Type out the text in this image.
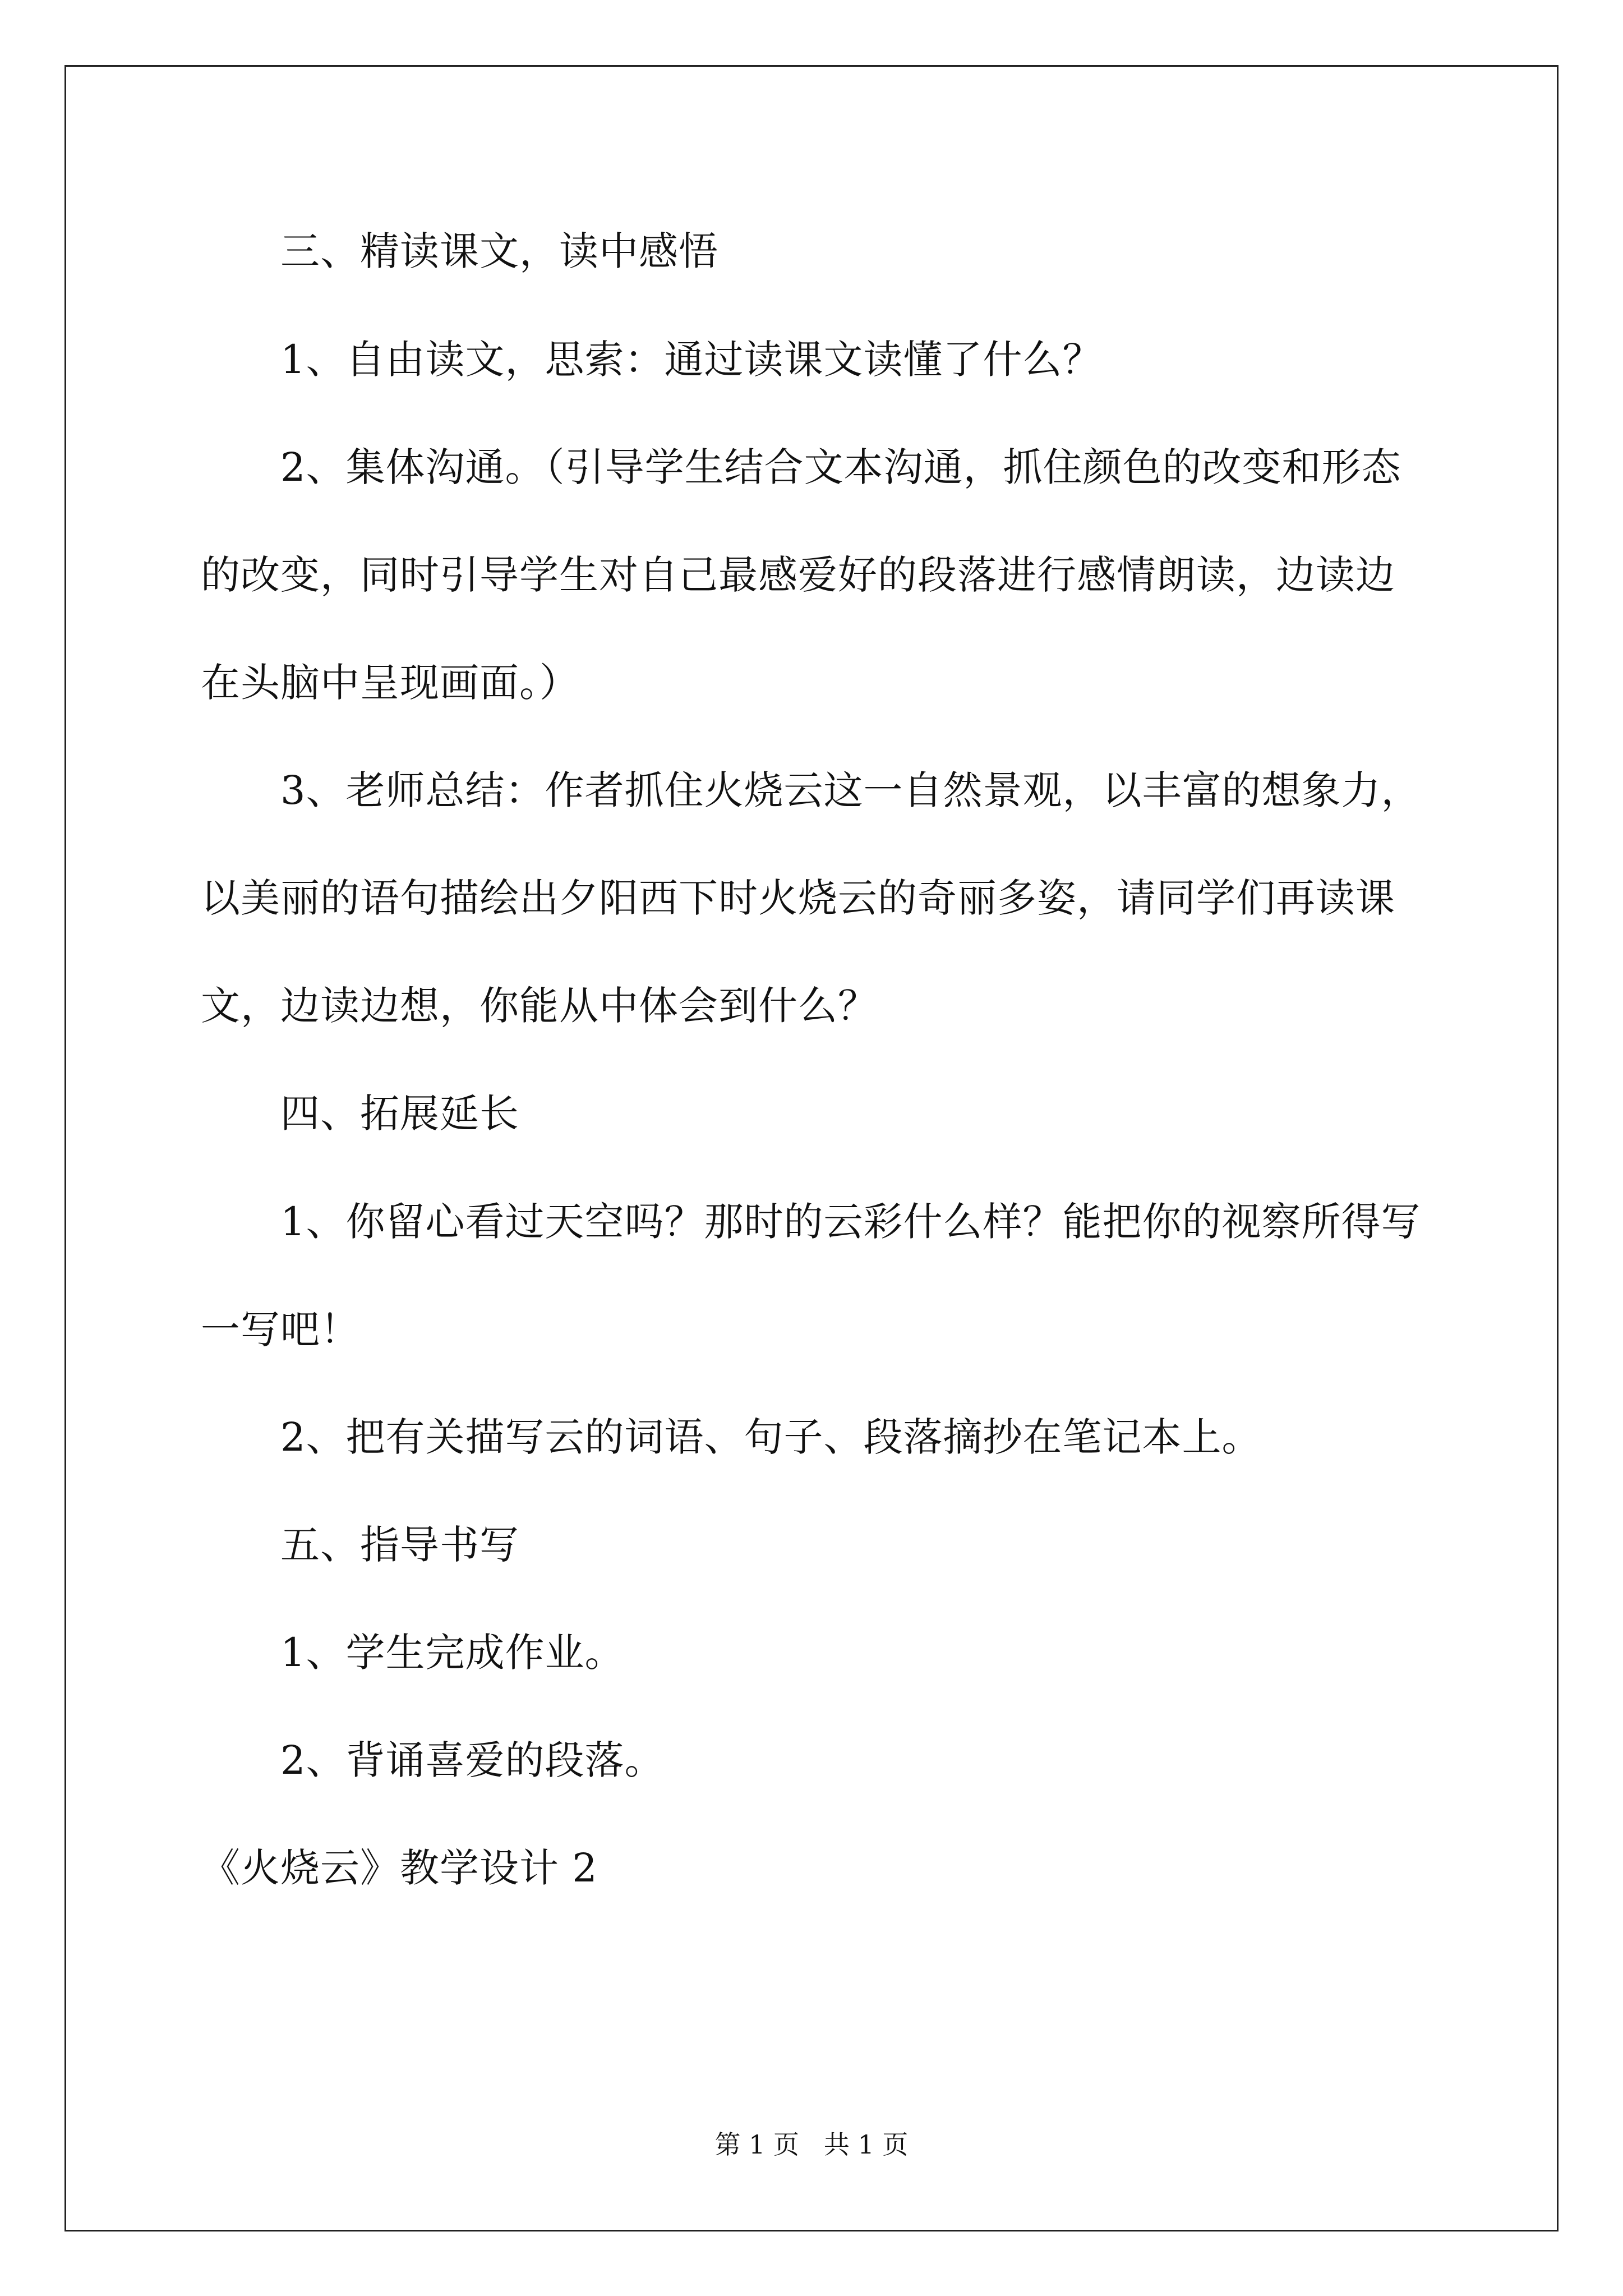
三、精读课文，读中感悟
1、自由读文，思索：通过读课文读懂了什么？
2、集体沟通。（引导学生结合文本沟通，抓住颜色的改变和形态
的改变，同时引导学生对自己最感爱好的段落进行感情朗读，边读边
在头脑中呈现画面。）
3、老师总结：作者抓住火烧云这一自然景观，以丰富的想象力，
以美丽的语句描绘出夕阳西下时火烧云的奇丽多姿，请同学们再读课
文，边读边想，你能从中体会到什么？
四、拓展延长
1、你留心看过天空吗？那时的云彩什么样？能把你的视察所得写
一写吧！
2、把有关描写云的词语、句子、段落摘抄在笔记本上。
五、指导书写
1、学生完成作业。
2、背诵喜爱的段落。
《火烧云》教学设计 2
第 1 页   共 1 页
